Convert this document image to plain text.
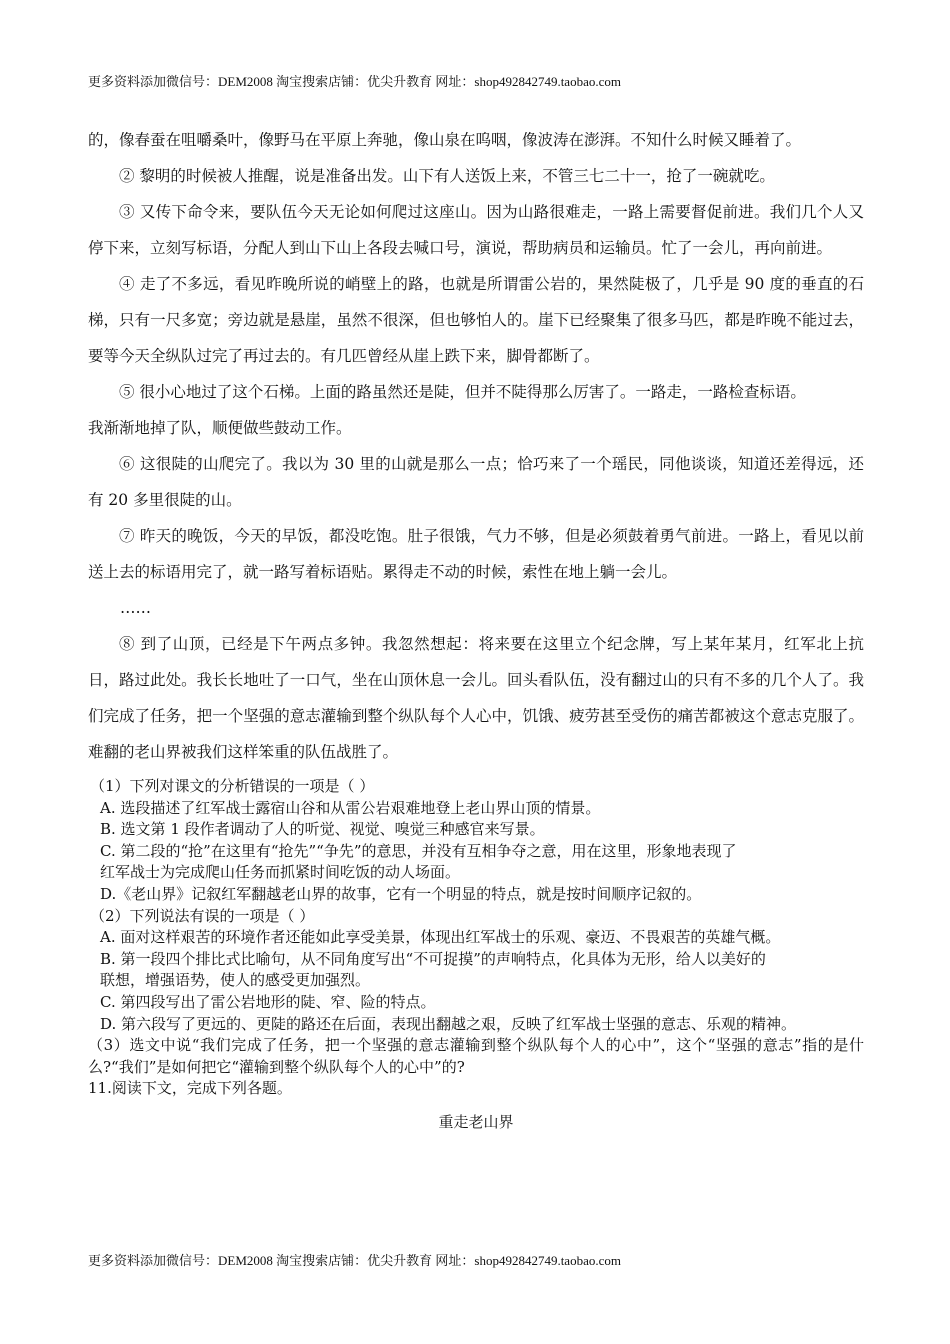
更多资料添加微信号：DEM2008 淘宝搜索店铺：优尖升教育 网址：shop492842749.taobao.com

的，像春蚕在咀嚼桑叶，像野马在平原上奔驰，像山泉在呜咽，像波涛在澎湃。不知什么时候又睡着了。

② 黎明的时候被人推醒，说是准备出发。山下有人送饭上来，不管三七二十一，抢了一碗就吃。

③ 又传下命令来，要队伍今天无论如何爬过这座山。因为山路很难走，一路上需要督促前进。我们几个人又停下来，立刻写标语，分配人到山下山上各段去喊口号，演说，帮助病员和运输员。忙了一会儿，再向前进。

④ 走了不多远，看见昨晚所说的峭壁上的路，也就是所谓雷公岩的，果然陡极了，几乎是 90 度的垂直的石梯，只有一尺多宽；旁边就是悬崖，虽然不很深，但也够怕人的。崖下已经聚集了很多马匹，都是昨晚不能过去，要等今天全纵队过完了再过去的。有几匹曾经从崖上跌下来，脚骨都断了。

⑤ 很小心地过了这个石梯。上面的路虽然还是陡，但并不陡得那么厉害了。一路走，一路检查标语。

我渐渐地掉了队，顺便做些鼓动工作。

⑥ 这很陡的山爬完了。我以为 30 里的山就是那么一点；恰巧来了一个瑶民，同他谈谈，知道还差得远，还有 20 多里很陡的山。

⑦ 昨天的晚饭，今天的早饭，都没吃饱。肚子很饿，气力不够，但是必须鼓着勇气前进。一路上，看见以前送上去的标语用完了，就一路写着标语贴。累得走不动的时候，索性在地上躺一会儿。

……

⑧ 到了山顶，已经是下午两点多钟。我忽然想起：将来要在这里立个纪念牌，写上某年某月，红军北上抗日，路过此处。我长长地吐了一口气，坐在山顶休息一会儿。回头看队伍，没有翻过山的只有不多的几个人了。我们完成了任务，把一个坚强的意志灌输到整个纵队每个人心中，饥饿、疲劳甚至受伤的痛苦都被这个意志克服了。难翻的老山界被我们这样笨重的队伍战胜了。

（1）下列对课文的分析错误的一项是（ ）

A. 选段描述了红军战士露宿山谷和从雷公岩艰难地登上老山界山顶的情景。

B. 选文第 1 段作者调动了人的听觉、视觉、嗅觉三种感官来写景。

C. 第二段的“抢”在这里有“抢先”“争先”的意思，并没有互相争夺之意，用在这里，形象地表现了

红军战士为完成爬山任务而抓紧时间吃饭的动人场面。

D.《老山界》记叙红军翻越老山界的故事，它有一个明显的特点，就是按时间顺序记叙的。

（2）下列说法有误的一项是（ ）

A. 面对这样艰苦的环境作者还能如此享受美景，体现出红军战士的乐观、豪迈、不畏艰苦的英雄气概。

B. 第一段四个排比式比喻句，从不同角度写出“不可捉摸”的声响特点，化具体为无形，给人以美好的

联想，增强语势，使人的感受更加强烈。

C. 第四段写出了雷公岩地形的陡、窄、险的特点。

D. 第六段写了更远的、更陡的路还在后面，表现出翻越之艰，反映了红军战士坚强的意志、乐观的精神。

（3）选文中说“我们完成了任务，把一个坚强的意志灌输到整个纵队每个人的心中”，这个“坚强的意志”指的是什么?“我们”是如何把它“灌输到整个纵队每个人的心中”的?

11.阅读下文，完成下列各题。

重走老山界

更多资料添加微信号：DEM2008 淘宝搜索店铺：优尖升教育 网址：shop492842749.taobao.com
